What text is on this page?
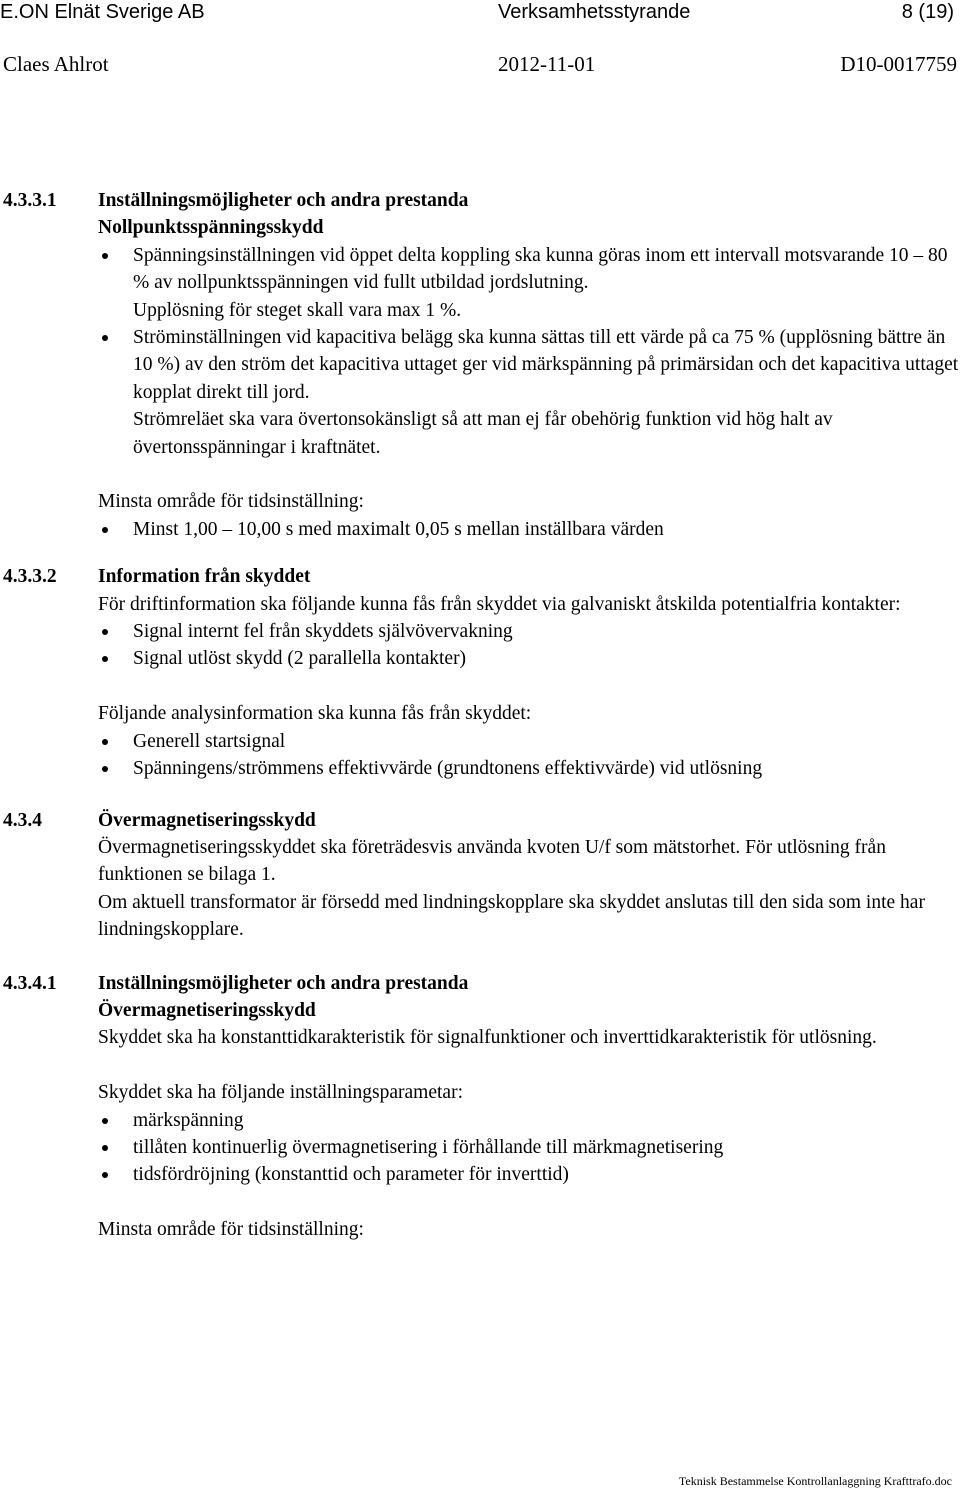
E.ON Elnät Sverige AB	Verksamhetsstyrande	8 (19)
Claes Ahlrot	2012-11-01	D10-0017759
4.3.3.1 Inställningsmöjligheter och andra prestanda
Nollpunktsspänningsskydd
Spänningsinställningen vid öppet delta koppling ska kunna göras inom ett intervall motsvarande 10 – 80 % av nollpunktsspänningen vid fullt utbildad jordslutning.
Upplösning för steget skall vara max 1 %.
Ströminställningen vid kapacitiva belägg ska kunna sättas till ett värde på ca 75 % (upplösning bättre än 10 %) av den ström det kapacitiva uttaget ger vid märkspänning på primärsidan och det kapacitiva uttaget kopplat direkt till jord.
Strömreläet ska vara övertonsokänsligt så att man ej får obehörig funktion vid hög halt av övertonsspänningar i kraftnätet.

Minsta område för tidsinställning:

Minst 1,00 – 10,00 s med maximalt 0,05 s mellan inställbara värden
4.3.3.2 Information från skyddet

För driftinformation ska följande kunna fås från skyddet via galvaniskt åtskilda potentialfria kontakter:

Signal internt fel från skyddets självövervakning
Signal utlöst skydd (2 parallella kontakter)

Följande analysinformation ska kunna fås från skyddet:

Generell startsignal
Spänningens/strömmens effektivvärde (grundtonens effektivvärde) vid utlösning
4.3.4	Övermagnetiseringsskydd

Övermagnetiseringsskyddet ska företrädesvis använda kvoten U/f som mätstorhet. För utlösning från funktionen se bilaga 1.

Om aktuell transformator är försedd med lindningskopplare ska skyddet anslutas till den sida som inte har lindningskopplare.

4.3.4.1 Inställningsmöjligheter och andra prestanda
Övermagnetiseringsskydd

Skyddet ska ha konstanttidkarakteristik för signalfunktioner och inverttidkarakteristik för utlösning.

Skyddet ska ha följande inställningsparametar:

märkspänning
tillåten kontinuerlig övermagnetisering i förhållande till märkmagnetisering
tidsfördröjning (konstanttid och parameter för inverttid)

Minsta område för tidsinställning:

Teknisk Bestammelse Kontrollanlaggning Krafttrafo.doc
